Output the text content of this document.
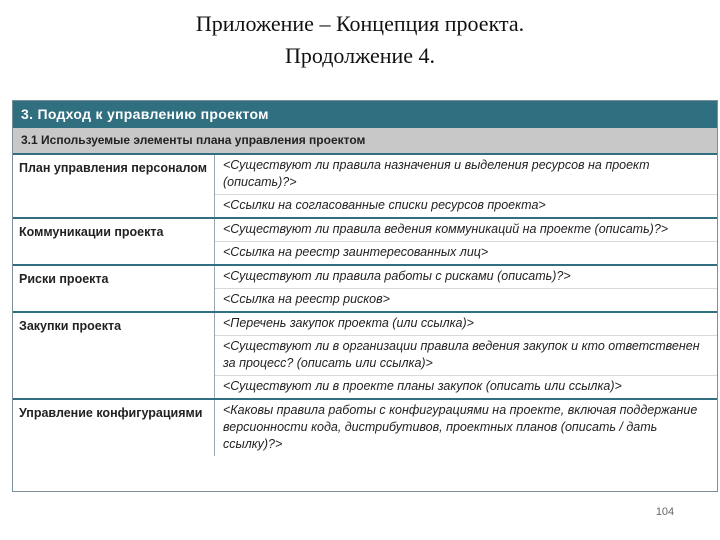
Приложение – Концепция проекта.
Продолжение 4.
3. Подход к управлению проектом
3.1 Используемые элементы плана управления проектом
План управления персоналом	<Существуют ли правила назначения и выделения ресурсов на проект (описать)?>
<Ссылки на согласованные списки ресурсов проекта>
Коммуникации проекта	<Существуют ли правила ведения коммуникаций на проекте (описать)?>
<Ссылка на реестр заинтересованных лиц>
Риски проекта	<Существуют ли правила работы с рисками (описать)?>
<Ссылка на реестр рисков>
Закупки проекта	<Перечень закупок проекта (или ссылка)>
<Существуют ли в организации правила ведения закупок и кто ответственен за процесс? (описать или ссылка)>
<Существуют ли в проекте планы закупок (описать или ссылка)>
Управление конфигурациями	<Каковы правила работы с конфигурациями на проекте, включая поддержание версионности кода, дистрибутивов, проектных планов (описать / дать ссылку)?>
104
